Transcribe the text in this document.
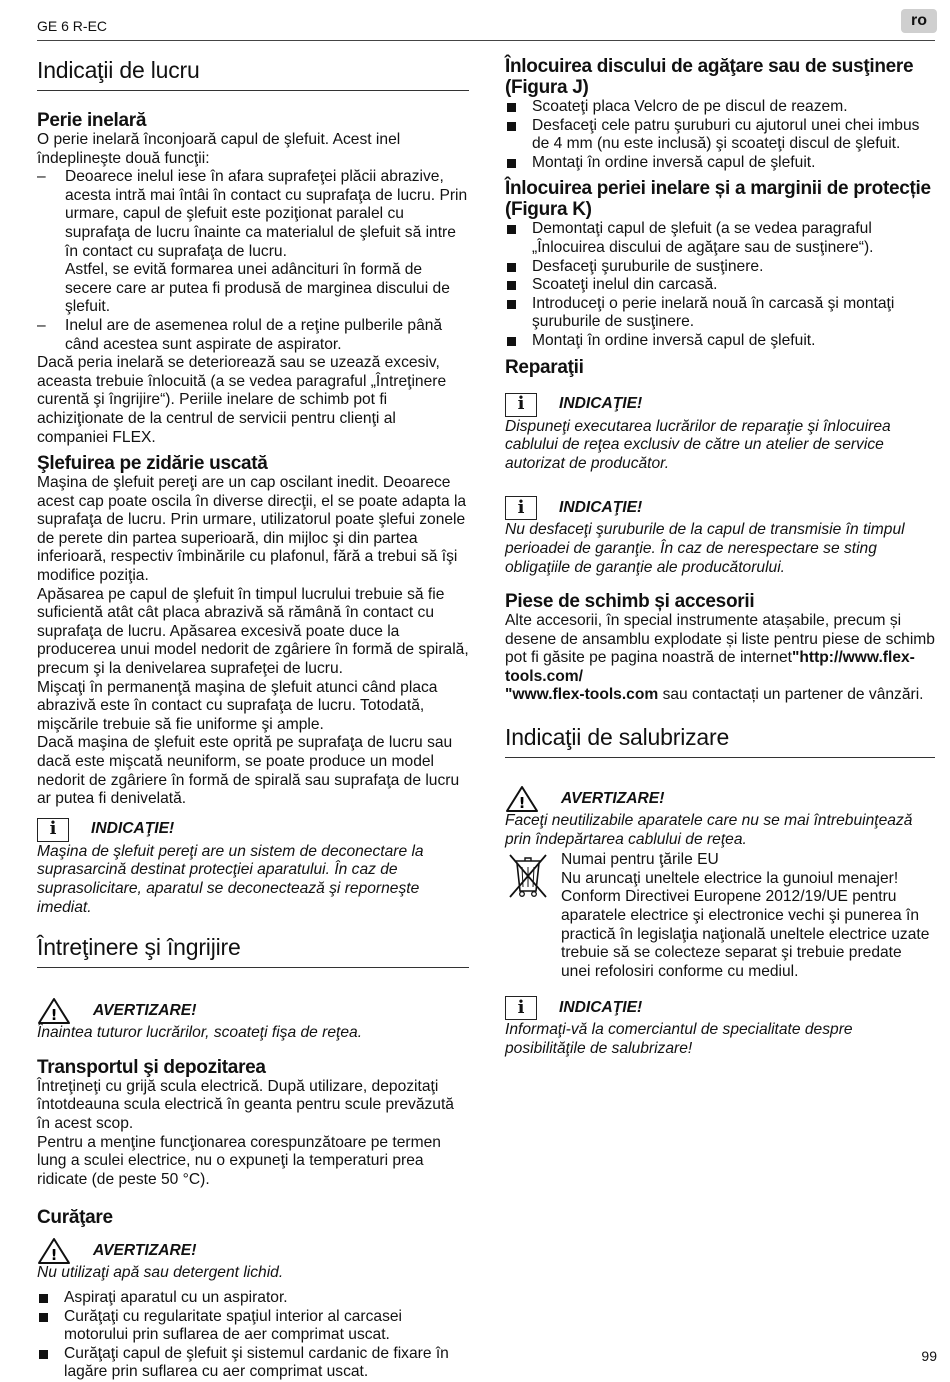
GE 6 R-EC	ro
Indicaţii de lucru
Perie inelară

O perie inelară înconjoară capul de şlefuit. Acest inel îndeplineşte două funcţii:

–	Deoarece inelul iese în afara suprafeţei plăcii abrazive, acesta intră mai întâi în contact cu suprafaţa de lucru. Prin urmare, capul de şlefuit este poziţionat paralel cu suprafaţa de lucru înainte ca materialul de şlefuit să intre în contact cu suprafaţa de lucru.

Astfel, se evită formarea unei adâncituri în formă de secere care ar putea fi produsă de marginea discului de şlefuit.

–	Inelul are de asemenea rolul de a reţine pulberile până când acestea sunt aspirate de aspirator.

Dacă peria inelară se deteriorează sau se uzează excesiv, aceasta trebuie înlocuită (a se vedea paragraful „Întreţinere curentă şi îngrijire“). Periile inelare de schimb pot fi achiziţionate de la centrul de servicii pentru clienţi al companiei FLEX.

Şlefuirea pe zidărie uscată

Maşina de şlefuit pereţi are un cap oscilant inedit. Deoarece acest cap poate oscila în diverse direcţii, el se poate adapta la suprafaţa de lucru. Prin urmare, utilizatorul poate şlefui zonele de perete din partea superioară, din mijloc şi din partea inferioară, respectiv îmbinările cu plafonul, fără a trebui să îşi modifice poziţia.

Apăsarea pe capul de şlefuit în timpul lucrului trebuie să fie suficientă atât cât placa abrazivă să rămână în contact cu suprafaţa de lucru. Apăsarea excesivă poate duce la producerea unui model nedorit de zgâriere în formă de spirală, precum şi la denivelarea suprafeţei de lucru.

Mişcaţi în permanenţă maşina de şlefuit atunci când placa abrazivă este în contact cu suprafaţa de lucru. Totodată, mişcările trebuie să fie uniforme şi ample.

Dacă maşina de şlefuit este oprită pe suprafaţa de lucru sau dacă este mişcată neuniform, se poate produce un model nedorit de zgâriere în formă de spirală sau suprafaţa de lucru ar putea fi denivelată.

i	INDICAŢIE!
Maşina de şlefuit pereţi are un sistem de deconectare la suprasarcină destinat protecţiei aparatului. În caz de suprasolicitare, aparatul se deconectează şi reporneşte imediat.
Întreţinere şi îngrijire
! AVERTIZARE!
Înaintea tuturor lucrărilor, scoateţi fişa de reţea.
Transportul şi depozitarea

Întreţineţi cu grijă scula electrică. După utilizare, depozitaţi întotdeauna scula electrică în geanta pentru scule prevăzută în acest scop.

Pentru a menţine funcţionarea corespunzătoare pe termen lung a sculei electrice, nu o expuneţi la temperaturi prea ridicate (de peste 50 °C).

Curăţare
! AVERTIZARE!
Nu utilizaţi apă sau detergent lichid.
Aspiraţi aparatul cu un aspirator.
Curăţaţi cu regularitate spaţiul interior al carcasei motorului prin suflarea de aer comprimat uscat.
Curăţaţi capul de şlefuit şi sistemul cardanic de fixare în lagăre prin suflarea cu aer comprimat uscat.
Înlocuirea discului de agăţare sau de susţinere (Figura J)
Scoateţi placa Velcro de pe discul de reazem.
Desfaceţi cele patru şuruburi cu ajutorul unei chei imbus de 4 mm (nu este inclusă) şi scoateţi discul de şlefuit.
Montaţi în ordine inversă capul de şlefuit.
Înlocuirea periei inelare și a marginii de protecție (Figura K)
Demontaţi capul de şlefuit (a se vedea paragraful „Înlocuirea discului de agăţare sau de susţinere“).
Desfaceţi şuruburile de susţinere.
Scoateţi inelul din carcasă.
Introduceţi o perie inelară nouă în carcasă şi montaţi şuruburile de susţinere.
Montaţi în ordine inversă capul de şlefuit.
Reparaţii
i	INDICAŢIE!
Dispuneţi executarea lucrărilor de reparaţie şi înlocuirea cablului de reţea exclusiv de către un atelier de service autorizat de producător.
i	INDICAŢIE!
Nu desfaceţi şuruburile de la capul de transmisie în timpul perioadei de garanţie. În caz de nerespectare se sting obligaţiile de garanţie ale producătorului.
Piese de schimb și accesorii

Alte accesorii, în special instrumente atașabile, precum și desene de ansamblu explodate și liste pentru piese de schimb pot fi găsite pe pagina noastră de internet"http://www.flex-tools.com/
"www.flex-tools.com sau contactați un partener de vânzări.

Indicaţii de salubrizare
! AVERTIZARE!
Faceţi neutilizabile aparatele care nu se mai întrebuinţează prin îndepărtarea cablului de reţea.

Numai pentru ţările EU

Nu aruncaţi uneltele electrice la gunoiul menajer! Conform Directivei Europene 2012/19/UE pentru aparatele electrice şi electronice vechi şi punerea în practică în legislaţia naţională uneltele electrice uzate trebuie să se colecteze separat şi trebuie predate unei refolosiri conforme cu mediul.

i	INDICAŢIE!
Informaţi-vă la comerciantul de specialitate despre posibilităţile de salubrizare!
99
